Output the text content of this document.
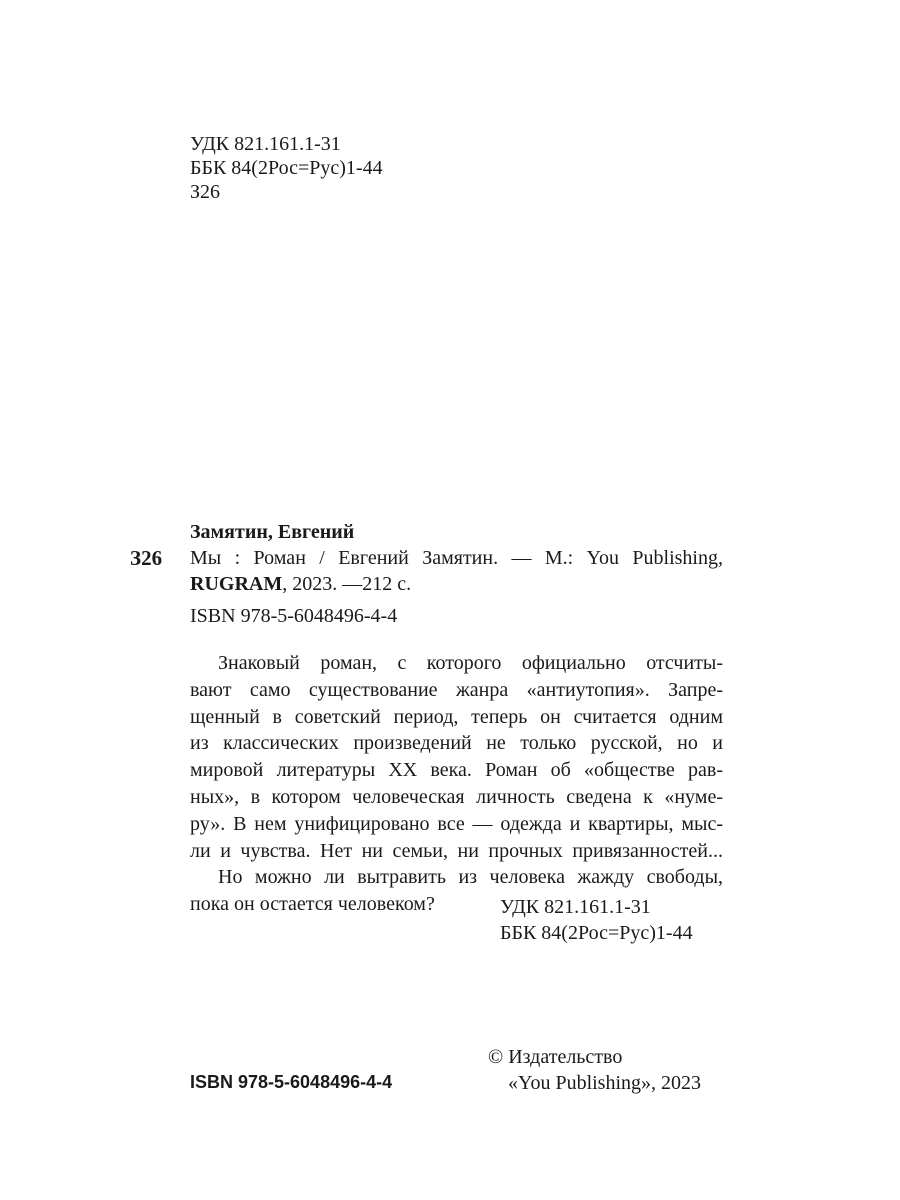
УДК 821.161.1-31
ББК 84(2Рос=Рус)1-44
З26
Замятин, Евгений
З26 Мы : Роман / Евгений Замятин. — М.: You Publishing,
RUGRAM, 2023. —212 с.
ISBN 978-5-6048496-4-4
Знаковый роман, с которого официально отсчиты-
вают само существование жанра «антиутопия». Запре-
щенный в советский период, теперь он считается одним
из классических произведений не только русской, но и
мировой литературы XX века. Роман об «обществе рав-
ных», в котором человеческая личность сведена к «нуме-
ру». В нем унифицировано все — одежда и квартиры, мыс-
ли и чувства. Нет ни семьи, ни прочных привязанностей...
Но можно ли вытравить из человека жажду свободы,
пока он остается человеком?	УДК 821.161.1-31
ББК 84(2Рос=Рус)1-44
© Издательство
«You Publishing», 2023
ISBN 978-5-6048496-4-4
